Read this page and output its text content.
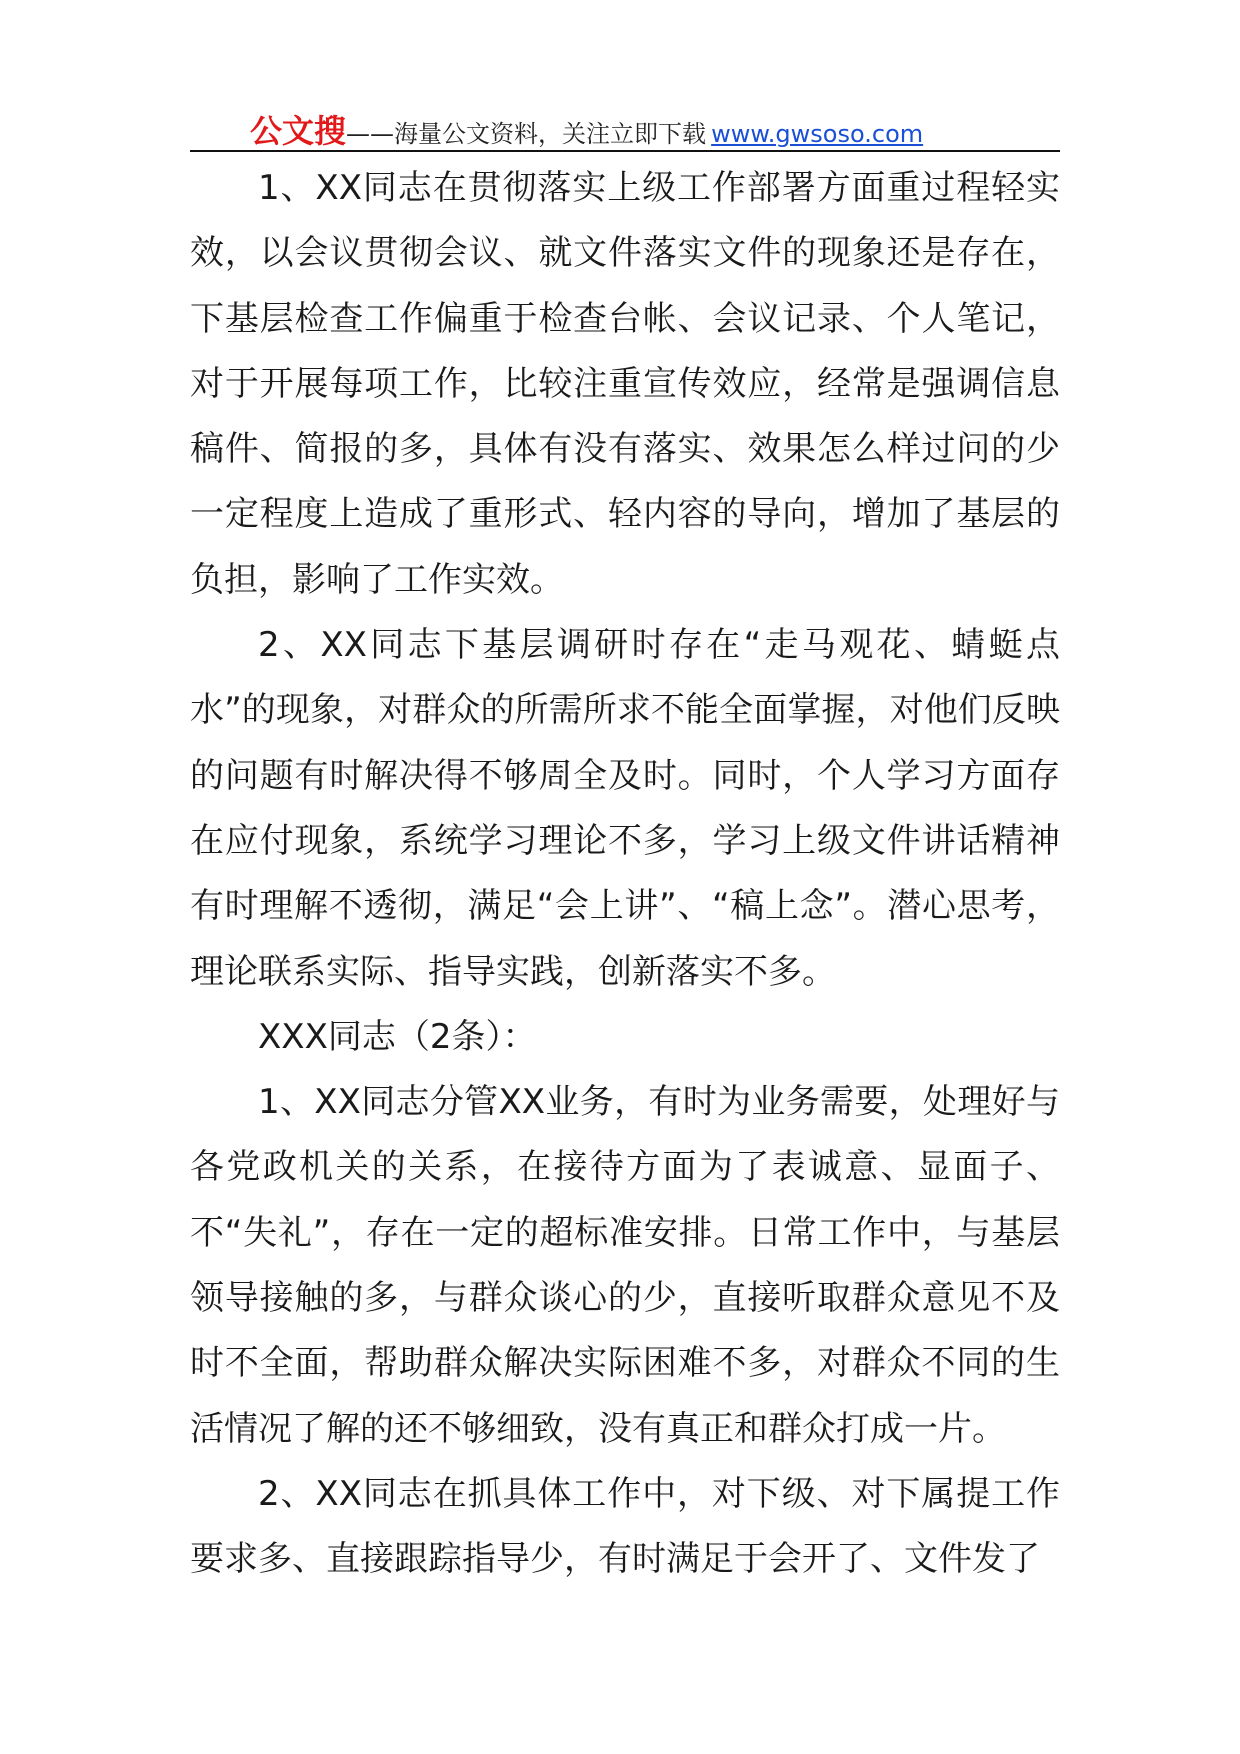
公文搜——海量公文资料，关注立即下载 www.gwsoso.com

1、XX同志在贯彻落实上级工作部署方面重过程轻实效，以会议贯彻会议、就文件落实文件的现象还是存在，下基层检查工作偏重于检查台帐、会议记录、个人笔记，对于开展每项工作，比较注重宣传效应，经常是强调信息稿件、简报的多，具体有没有落实、效果怎么样过问的少一定程度上造成了重形式、轻内容的导向，增加了基层的负担，影响了工作实效。

2、XX同志下基层调研时存在“走马观花、蜻蜓点水”的现象，对群众的所需所求不能全面掌握，对他们反映的问题有时解决得不够周全及时。同时，个人学习方面存在应付现象，系统学习理论不多，学习上级文件讲话精神有时理解不透彻，满足“会上讲”、“稿上念”。潜心思考，理论联系实际、指导实践，创新落实不多。

XXX同志（2条）：

1、XX同志分管XX业务，有时为业务需要，处理好与各党政机关的关系，在接待方面为了表诚意、显面子、不“失礼”，存在一定的超标准安排。日常工作中，与基层领导接触的多，与群众谈心的少，直接听取群众意见不及时不全面，帮助群众解决实际困难不多，对群众不同的生活情况了解的还不够细致，没有真正和群众打成一片。

2、XX同志在抓具体工作中，对下级、对下属提工作要求多、直接跟踪指导少，有时满足于会开了、文件发了
